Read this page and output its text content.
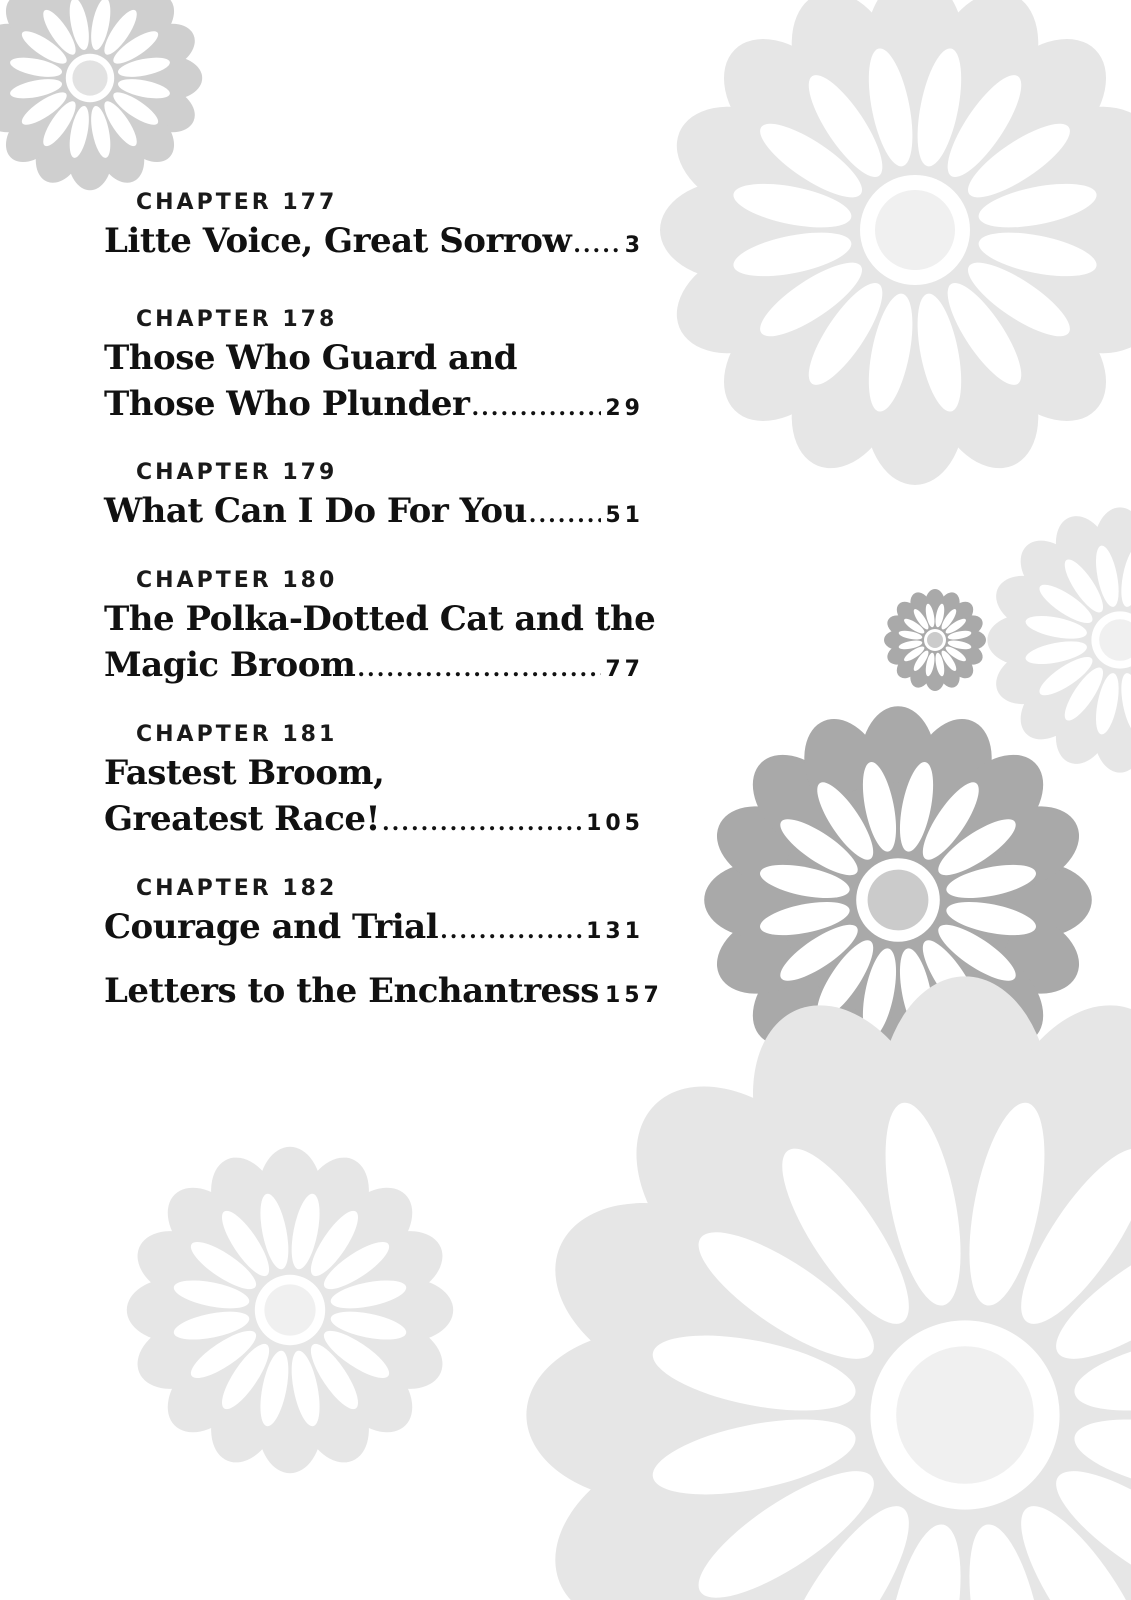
CHAPTER 177
Litte Voice, Great Sorrow ..... 3
CHAPTER 178
Those Who Guard and
Those Who Plunder .....	29
CHAPTER 179
What Can I Do For You .....	51
CHAPTER 180
The Polka-Dotted Cat and the
Magic Broom .....	77
CHAPTER 181
Fastest Broom,
Greatest Race! .....	105
CHAPTER 182
Courage and Trial .....	131
Letters to the Enchantress 157
